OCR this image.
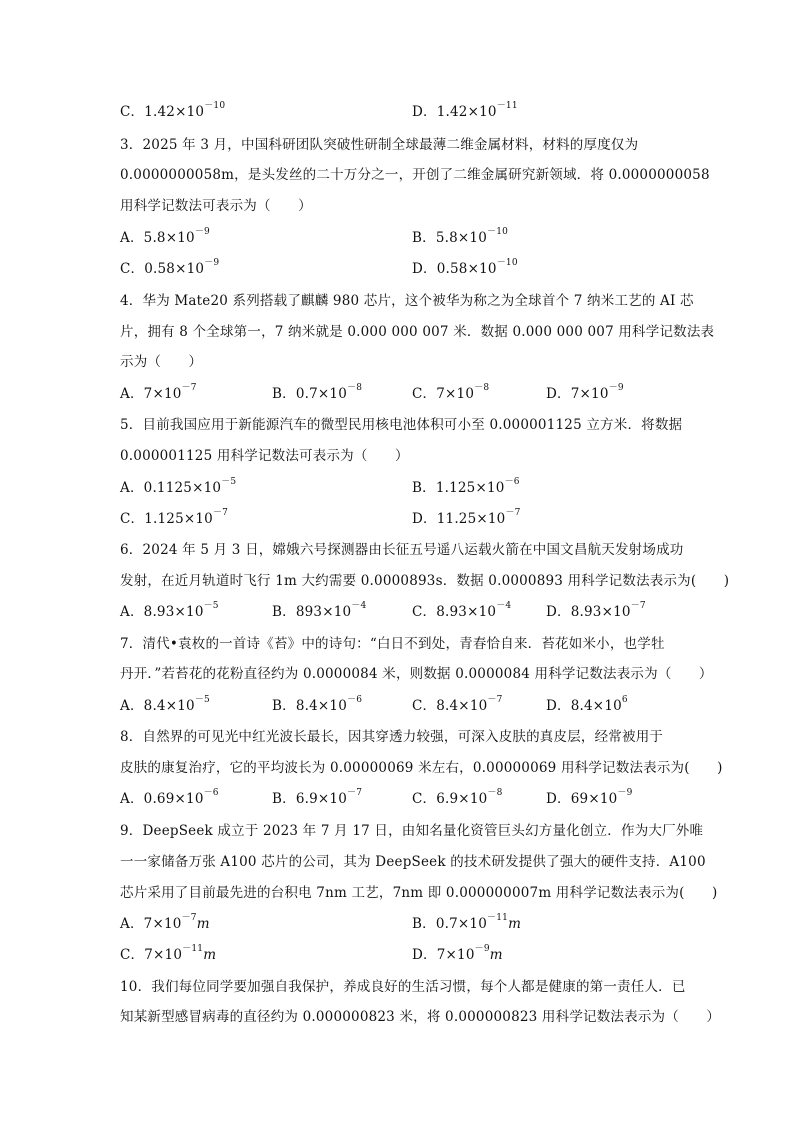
C．$1.42\times 10^{-10}$	D．$1.42\times 10^{-11}$
3．2025 年 3 月，中国科研团队突破性研制全球最薄二维金属材料，材料的厚度仅为
0.0000000058m，是头发丝的二十万分之一，开创了二维金属研究新领域．将 0.0000000058
用科学记数法可表示为（　　）
A．$5.8\times 10^{-9}$	B．$5.8\times 10^{-10}$
C．$0.58\times 10^{-9}$	D．$0.58\times 10^{-10}$
4．华为 Mate20 系列搭载了麒麟 980 芯片，这个被华为称之为全球首个 7 纳米工艺的 AI 芯
片，拥有 8 个全球第一，7 纳米就是 0.000 000 007 米．数据 0.000 000 007 用科学记数法表
示为（　　）
A．$7\times 10^{-7}$	B．$0.7\times 10^{-8}$	C．$7\times 10^{-8}$	D．$7\times 10^{-9}$
5．目前我国应用于新能源汽车的微型民用核电池体积可小至 0.000001125 立方米．将数据
0.000001125 用科学记数法可表示为（　　）
A．$0.1125\times 10^{-5}$	B．$1.125\times 10^{-6}$
C．$1.125\times 10^{-7}$	D．$11.25\times 10^{-7}$
6．2024 年 5 月 3 日，嫦娥六号探测器由长征五号遥八运载火箭在中国文昌航天发射场成功
发射，在近月轨道时飞行 1m 大约需要 0.0000893s．数据 0.0000893 用科学记数法表示为(　　)
A．$8.93\times 10^{-5}$	B．$893\times 10^{-4}$	C．$8.93\times 10^{-4}$	D．$8.93\times 10^{-7}$
7．清代•袁枚的一首诗《苔》中的诗句：“白日不到处，青春恰自来．苔花如米小，也学牡
丹开．”若苔花的花粉直径约为 0.0000084 米，则数据 0.0000084 用科学记数法表示为（　　）
A．$8.4\times 10^{-5}$	B．$8.4\times 10^{-6}$	C．$8.4\times 10^{-7}$	D．$8.4\times 10^6$
8．自然界的可见光中红光波长最长，因其穿透力较强，可深入皮肤的真皮层，经常被用于
皮肤的康复治疗，它的平均波长为 0.00000069 米左右，0.00000069 用科学记数法表示为(　　)
A．$0.69\times 10^{-6}$	B．$6.9\times 10^{-7}$	C．$6.9\times 10^{-8}$	D．$69\times 10^{-9}$
9．DeepSeek 成立于 2023 年 7 月 17 日，由知名量化资管巨头幻方量化创立．作为大厂外唯
一一家储备万张 A100 芯片的公司，其为 DeepSeek 的技术研发提供了强大的硬件支持．A100
芯片采用了目前最先进的台积电 7nm 工艺，7nm 即 0.000000007m 用科学记数法表示为(　　)
A．$7\times 10^{-7}m$	B．$0.7\times 10^{-11}m$
C．$7\times 10^{-11}m$	D．$7\times 10^{-9}m$
10．我们每位同学要加强自我保护，养成良好的生活习惯，每个人都是健康的第一责任人．已
知某新型感冒病毒的直径约为 0.000000823 米，将 0.000000823 用科学记数法表示为（　　）
